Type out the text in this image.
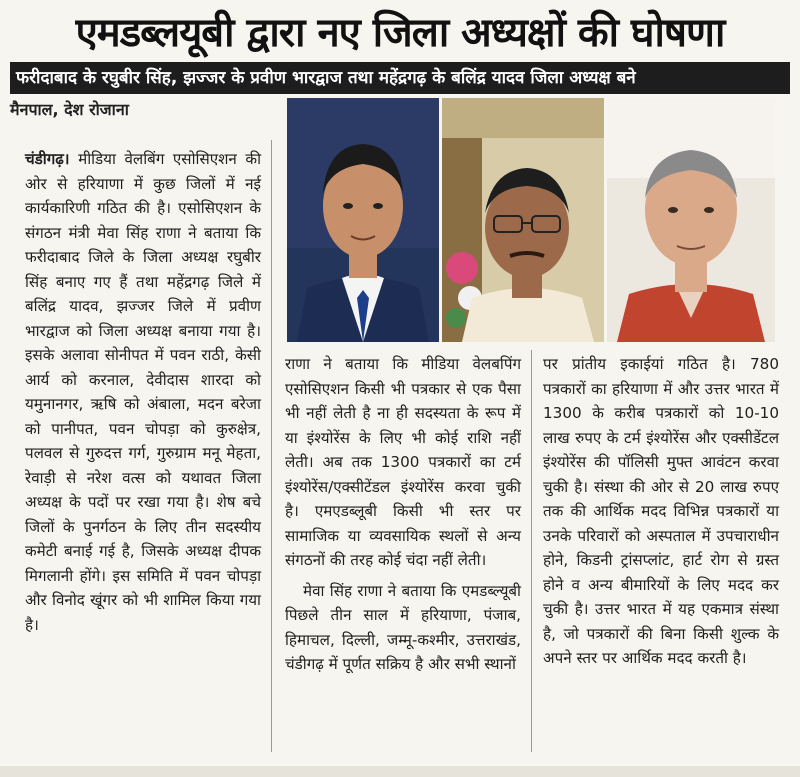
एमडब्लयूबी द्वारा नए जिला अध्यक्षों की घोषणा
फरीदाबाद के रघुबीर सिंह, झज्जर के प्रवीण भारद्वाज तथा महेंद्रगढ़ के बलिंद्र यादव जिला अध्यक्ष बने
मैनपाल, देश रोजाना

चंडीगढ़। मीडिया वेलबिंग एसोसिएशन की ओर से हरियाणा में कुछ जिलों में नई कार्यकारिणी गठित की है। एसोसिएशन के संगठन मंत्री मेवा सिंह राणा ने बताया कि फरीदाबाद जिले के जिला अध्यक्ष रघुबीर सिंह बनाए गए हैं तथा महेंद्रगढ़ जिले में बलिंद्र यादव, झज्जर जिले में प्रवीण भारद्वाज को जिला अध्यक्ष बनाया गया है। इसके अलावा सोनीपत में पवन राठी, केसी आर्य को करनाल, देवीदास शारदा को यमुनानगर, ऋषि को अंबाला, मदन बरेजा को पानीपत, पवन चोपड़ा को कुरुक्षेत्र, पलवल से गुरुदत्त गर्ग, गुरुग्राम मनू मेहता, रेवाड़ी से नरेश वत्स को यथावत जिला अध्यक्ष के पदों पर रखा गया है। शेष बचे जिलों के पुनर्गठन के लिए तीन सदस्यीय कमेटी बनाई गई है, जिसके अध्यक्ष दीपक मिगलानी होंगे। इस समिति में पवन चोपड़ा और विनोद खूंगर को भी शामिल किया गया है।

राणा ने बताया कि मीडिया वेलबपिंग एसोसिएशन किसी भी पत्रकार से एक पैसा भी नहीं लेती है ना ही सदस्यता के रूप में या इंश्योरेंस के लिए भी कोई राशि नहीं लेती। अब तक 1300 पत्रकारों का टर्म इंश्योरेंस/एक्सीटेंडल इंश्योरेंस करवा चुकी है। एमएडब्लूबी किसी भी स्तर पर सामाजिक या व्यवसायिक स्थलों से अन्य संगठनों की तरह कोई चंदा नहीं लेती।

मेवा सिंह राणा ने बताया कि एमडब्ल्यूबी पिछले तीन साल में हरियाणा, पंजाब, हिमाचल, दिल्ली, जम्मू-कश्मीर, उत्तराखंड, चंडीगढ़ में पूर्णत सक्रिय है और सभी स्थानों

पर प्रांतीय इकाईयां गठित है। 780 पत्रकारों का हरियाणा में और उत्तर भारत में 1300 के करीब पत्रकारों को 10-10 लाख रुपए के टर्म इंश्योरेंस और एक्सीडेंटल इंश्योरेंस की पॉलिसी मुफ्त आवंटन करवा चुकी है। संस्था की ओर से 20 लाख रुपए तक की आर्थिक मदद विभिन्न पत्रकारों या उनके परिवारों को अस्पताल में उपचाराधीन होने, किडनी ट्रांसप्लांट, हार्ट रोग से ग्रस्त होने व अन्य बीमारियों के लिए मदद कर चुकी है। उत्तर भारत में यह एकमात्र संस्था है, जो पत्रकारों की बिना किसी शुल्क के अपने स्तर पर आर्थिक मदद करती है।
